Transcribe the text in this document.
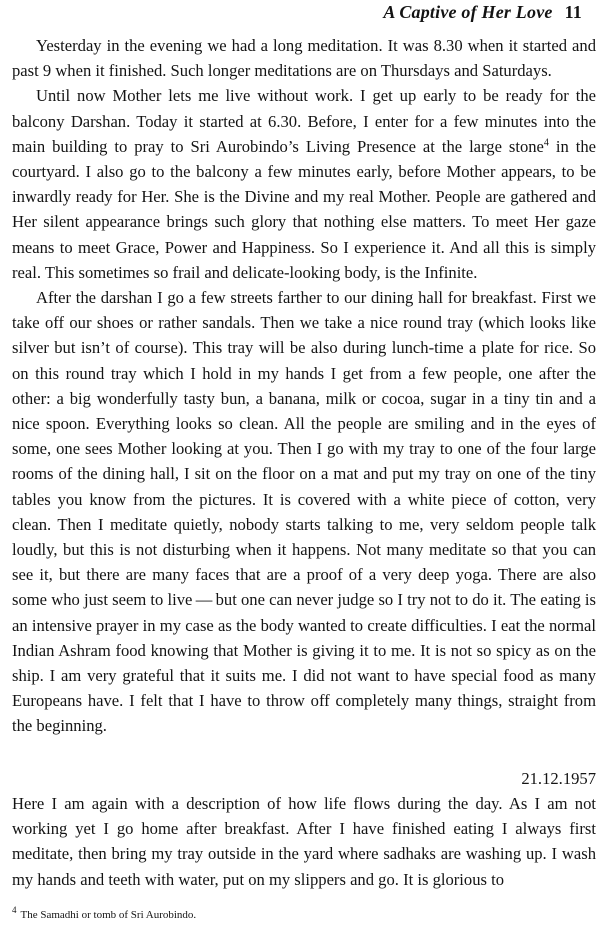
A Captive of Her Love 11

Yesterday in the evening we had a long meditation. It was 8.30 when it started and past 9 when it finished. Such longer meditations are on Thursdays and Saturdays.

Until now Mother lets me live without work. I get up early to be ready for the balcony Darshan. Today it started at 6.30. Before, I enter for a few minutes into the main building to pray to Sri Aurobindo’s Living Presence at the large stone$^4$ in the courtyard. I also go to the balcony a few minutes early, before Mother appears, to be inwardly ready for Her. She is the Divine and my real Mother. People are gathered and Her silent appearance brings such glory that nothing else matters. To meet Her gaze means to meet Grace, Power and Happiness. So I experience it. And all this is simply real. This sometimes so frail and delicate-looking body, is the Infinite.

After the darshan I go a few streets farther to our dining hall for breakfast. First we take off our shoes or rather sandals. Then we take a nice round tray (which looks like silver but isn’t of course). This tray will be also during lunch-time a plate for rice. So on this round tray which I hold in my hands I get from a few people, one after the other: a big wonderfully tasty bun, a banana, milk or cocoa, sugar in a tiny tin and a nice spoon. Everything looks so clean. All the people are smiling and in the eyes of some, one sees Mother looking at you. Then I go with my tray to one of the four large rooms of the dining hall, I sit on the floor on a mat and put my tray on one of the tiny tables you know from the pictures. It is covered with a white piece of cotton, very clean. Then I meditate quietly, nobody starts talking to me, very seldom people talk loudly, but this is not disturbing when it happens. Not many meditate so that you can see it, but there are many faces that are a proof of a very deep yoga. There are also some who just seem to live — but one can never judge so I try not to do it. The eating is an intensive prayer in my case as the body wanted to create difficulties. I eat the normal Indian Ashram food knowing that Mother is giving it to me. It is not so spicy as on the ship. I am very grateful that it suits me. I did not want to have special food as many Europeans have. I felt that I have to throw off completely many things, straight from the beginning.

21.12.1957

Here I am again with a description of how life flows during the day. As I am not working yet I go home after breakfast. After I have finished eating I always first meditate, then bring my tray outside in the yard where sadhaks are washing up. I wash my hands and teeth with water, put on my slippers and go. It is glorious to

$^4$ The Samadhi or tomb of Sri Aurobindo.
